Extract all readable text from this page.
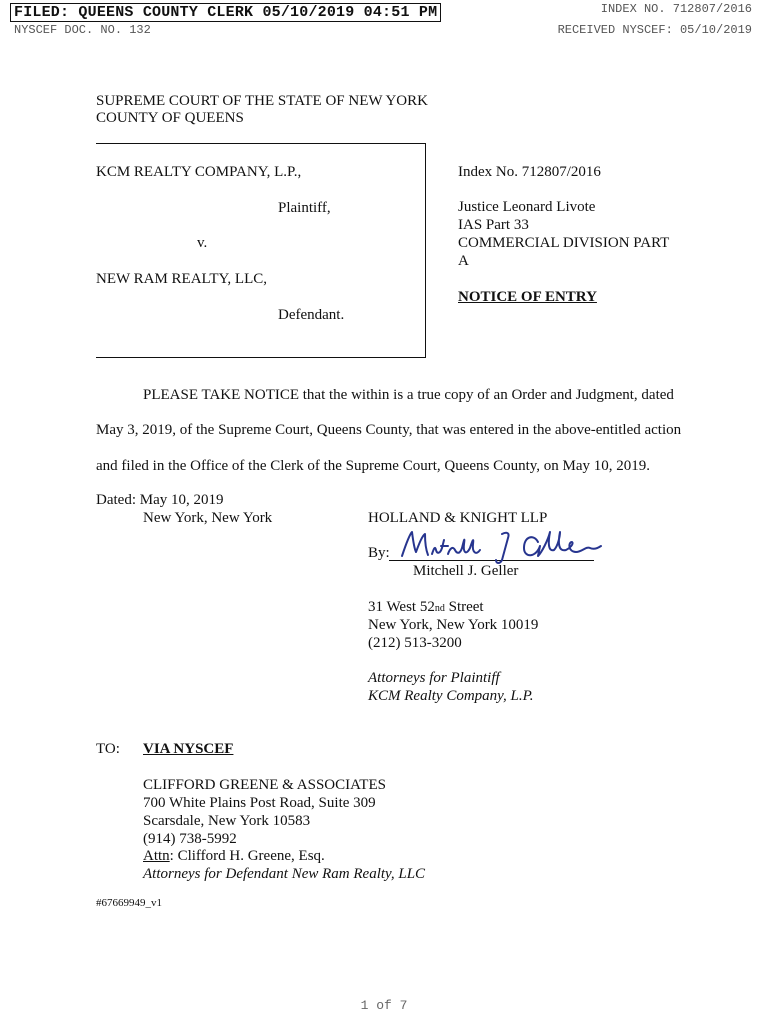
FILED: QUEENS COUNTY CLERK 05/10/2019 04:51 PM
NYSCEF DOC. NO. 132
INDEX NO. 712807/2016
RECEIVED NYSCEF: 05/10/2019
SUPREME COURT OF THE STATE OF NEW YORK
COUNTY OF QUEENS
KCM REALTY COMPANY, L.P.,
Plaintiff,
v.
NEW RAM REALTY, LLC,
Defendant.
Index No. 712807/2016
Justice Leonard Livote
IAS Part 33
COMMERCIAL DIVISION PART
A
NOTICE OF ENTRY
PLEASE TAKE NOTICE that the within is a true copy of an Order and Judgment, dated
May 3, 2019, of the Supreme Court, Queens County, that was entered in the above-entitled action
and filed in the Office of the Clerk of the Supreme Court, Queens County, on May 10, 2019.
Dated: May 10, 2019
New York, New York	HOLLAND & KNIGHT LLP
By:
Mitchell J. Geller
31 West 52nd Street
New York, New York 10019
(212) 513-3200
Attorneys for Plaintiff
KCM Realty Company, L.P.
TO: VIA NYSCEF
CLIFFORD GREENE & ASSOCIATES
700 White Plains Post Road, Suite 309
Scarsdale, New York 10583
(914) 738-5992
Attn: Clifford H. Greene, Esq.
Attorneys for Defendant New Ram Realty, LLC
#67669949_v1
1 of 7
